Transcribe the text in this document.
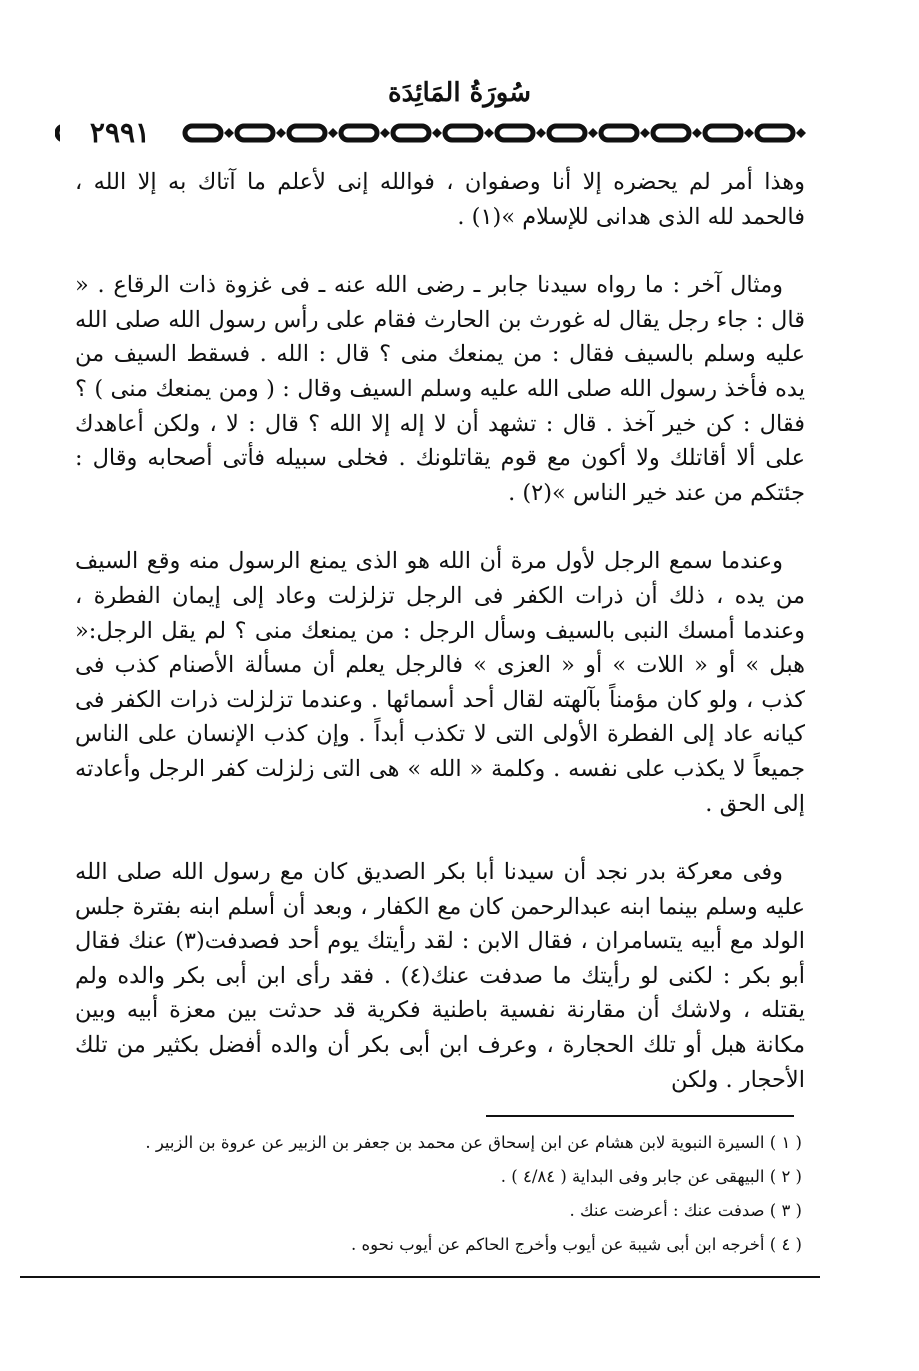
سُورَةُ المَائِدَة
٢٩٩١

وهذا أمر لم يحضره إلا أنا وصفوان ، فوالله إنى لأعلم ما آتاك به إلا الله ، فالحمد لله الذى هدانى للإسلام »(١) .

ومثال آخر : ما رواه سيدنا جابر ـ رضى الله عنه ـ فى غزوة ذات الرقاع . « قال : جاء رجل يقال له غورث بن الحارث فقام على رأس رسول الله صلى الله عليه وسلم بالسيف فقال : من يمنعك منى ؟ قال : الله . فسقط السيف من يده فأخذ رسول الله صلى الله عليه وسلم السيف وقال : ( ومن يمنعك منى ) ؟ فقال : كن خير آخذ . قال : تشهد أن لا إله إلا الله ؟ قال : لا ، ولكن أعاهدك على ألا أقاتلك ولا أكون مع قوم يقاتلونك . فخلى سبيله فأتى أصحابه وقال : جئتكم من عند خير الناس »(٢) .

وعندما سمع الرجل لأول مرة أن الله هو الذى يمنع الرسول منه وقع السيف من يده ، ذلك أن ذرات الكفر فى الرجل تزلزلت وعاد إلى إيمان الفطرة ، وعندما أمسك النبى بالسيف وسأل الرجل : من يمنعك منى ؟ لم يقل الرجل:« هبل » أو « اللات » أو « العزى » فالرجل يعلم أن مسألة الأصنام كذب فى كذب ، ولو كان مؤمناً بآلهته لقال أحد أسمائها . وعندما تزلزلت ذرات الكفر فى كيانه عاد إلى الفطرة الأولى التى لا تكذب أبداً . وإن كذب الإنسان على الناس جميعاً لا يكذب على نفسه . وكلمة « الله » هى التى زلزلت كفر الرجل وأعادته إلى الحق .

وفى معركة بدر نجد أن سيدنا أبا بكر الصديق كان مع رسول الله صلى الله عليه وسلم بينما ابنه عبدالرحمن كان مع الكفار ، وبعد أن أسلم ابنه بفترة جلس الولد مع أبيه يتسامران ، فقال الابن : لقد رأيتك يوم أحد فصدفت(٣) عنك فقال أبو بكر : لكنى لو رأيتك ما صدفت عنك(٤) . فقد رأى ابن أبى بكر والده ولم يقتله ، ولاشك أن مقارنة نفسية باطنية فكرية قد حدثت بين معزة أبيه وبين مكانة هبل أو تلك الحجارة ، وعرف ابن أبى بكر أن والده أفضل بكثير من تلك الأحجار . ولكن

( ١ ) السيرة النبوية لابن هشام عن ابن إسحاق عن محمد بن جعفر بن الزبير عن عروة بن الزبير .
( ٢ ) البيهقى عن جابر وفى البداية ( ٤/٨٤ ) .
( ٣ ) صدفت عنك : أعرضت عنك .
( ٤ ) أخرجه ابن أبى شيبة عن أيوب وأخرج الحاكم عن أيوب نحوه .
